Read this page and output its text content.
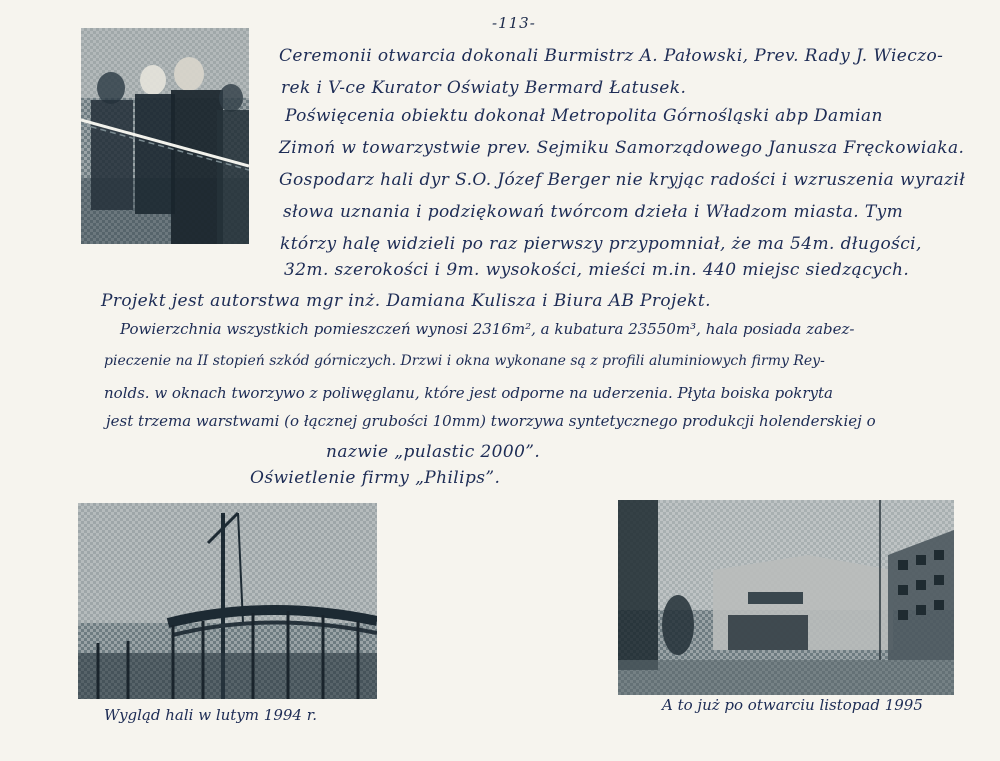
-113-
Ceremonii otwarcia dokonali Burmistrz A. Pałowski, Prev. Rady J. Wieczo-
rek i V-ce Kurator Oświaty Bermard Łatusek.
Poświęcenia obiektu dokonał Metropolita Górnośląski abp Damian
Zimoń w towarzystwie prev. Sejmiku Samorządowego Janusza Fręckowiaka.
Gospodarz hali dyr S.O. Józef Berger nie kryjąc radości i wzruszenia wyraził
słowa uznania i podziękowań twórcom dzieła i Władzom miasta. Tym
którzy halę widzieli po raz pierwszy przypomniał, że ma 54m. długości,
32m. szerokości i 9m. wysokości, mieści m.in. 440 miejsc siedzących.
Projekt jest autorstwa mgr inż. Damiana Kulisza i Biura AB Projekt.
Powierzchnia wszystkich pomieszczeń wynosi 2316m², a kubatura 23550m³, hala posiada zabez-
pieczenie na II stopień szkód górniczych. Drzwi i okna wykonane są z profili aluminiowych firmy Rey-
nolds. w oknach tworzywo z poliwęglanu, które jest odporne na uderzenia. Płyta boiska pokryta
jest trzema warstwami (o łącznej grubości 10mm) tworzywa syntetycznego produkcji holenderskiej o
nazwie „pulastic 2000”.
Oświetlenie firmy „Philips”.
Wygląd hali w lutym 1994 r.
A to już po otwarciu listopad 1995
